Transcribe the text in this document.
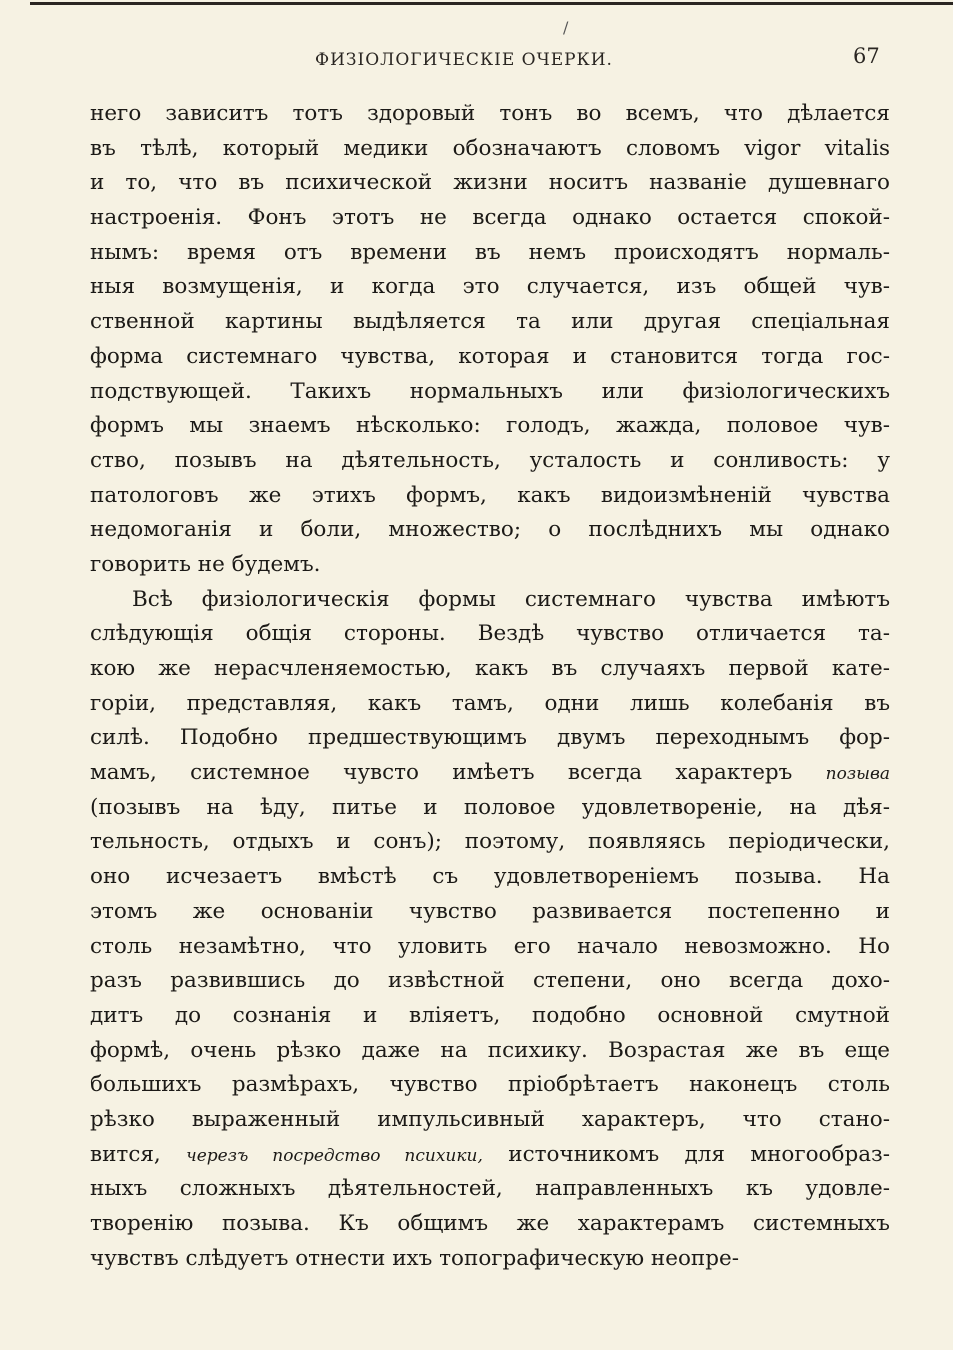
/
ФИЗІОЛОГИЧЕСКІЕ ОЧЕРКИ.	67
него зависитъ тотъ здоровый тонъ во всемъ, что дѣлается
въ тѣлѣ, который медики обозначаютъ словомъ vigor vitalis
и то, что въ психической жизни носитъ названіе душевнаго
настроенія. Фонъ этотъ не всегда однако остается спокой-
нымъ: время отъ времени въ немъ происходятъ нормаль-
ныя возмущенія, и когда это случается, изъ общей чув-
ственной картины выдѣляется та или другая спеціальная
форма системнаго чувства, которая и становится тогда гос-
подствующей. Такихъ нормальныхъ или физіологическихъ
формъ мы знаемъ нѣсколько: голодъ, жажда, половое чув-
ство, позывъ на дѣятельность, усталость и сонливость: у
патологовъ же этихъ формъ, какъ видоизмѣненій чувства
недомоганія и боли, множество; о послѣднихъ мы однако
говорить не будемъ.
Всѣ физіологическія формы системнаго чувства имѣютъ
слѣдующія общія стороны. Вездѣ чувство отличается та-
кою же нерасчленяемостью, какъ въ случаяхъ первой кате-
горіи, представляя, какъ тамъ, одни лишь колебанія въ
силѣ. Подобно предшествующимъ двумъ переходнымъ фор-
мамъ, системное чувсто имѣетъ всегда характеръ позыва
(позывъ на ѣду, питье и половое удовлетвореніе, на дѣя-
тельность, отдыхъ и сонъ); поэтому, появляясь періодически,
оно исчезаетъ вмѣстѣ съ удовлетвореніемъ позыва. На
этомъ же основаніи чувство развивается постепенно и
столь незамѣтно, что уловить его начало невозможно. Но
разъ развившись до извѣстной степени, оно всегда дохо-
дитъ до сознанія и вліяетъ, подобно основной смутной
формѣ, очень рѣзко даже на психику. Возрастая же въ еще
большихъ размѣрахъ, чувство пріобрѣтаетъ наконецъ столь
рѣзко выраженный импульсивный характеръ, что стано-
вится, черезъ посредство психики, источникомъ для многообраз-
ныхъ сложныхъ дѣятельностей, направленныхъ къ удовле-
творенію позыва. Къ общимъ же характерамъ системныхъ
чувствъ слѣдуетъ отнести ихъ топографическую неопре-
